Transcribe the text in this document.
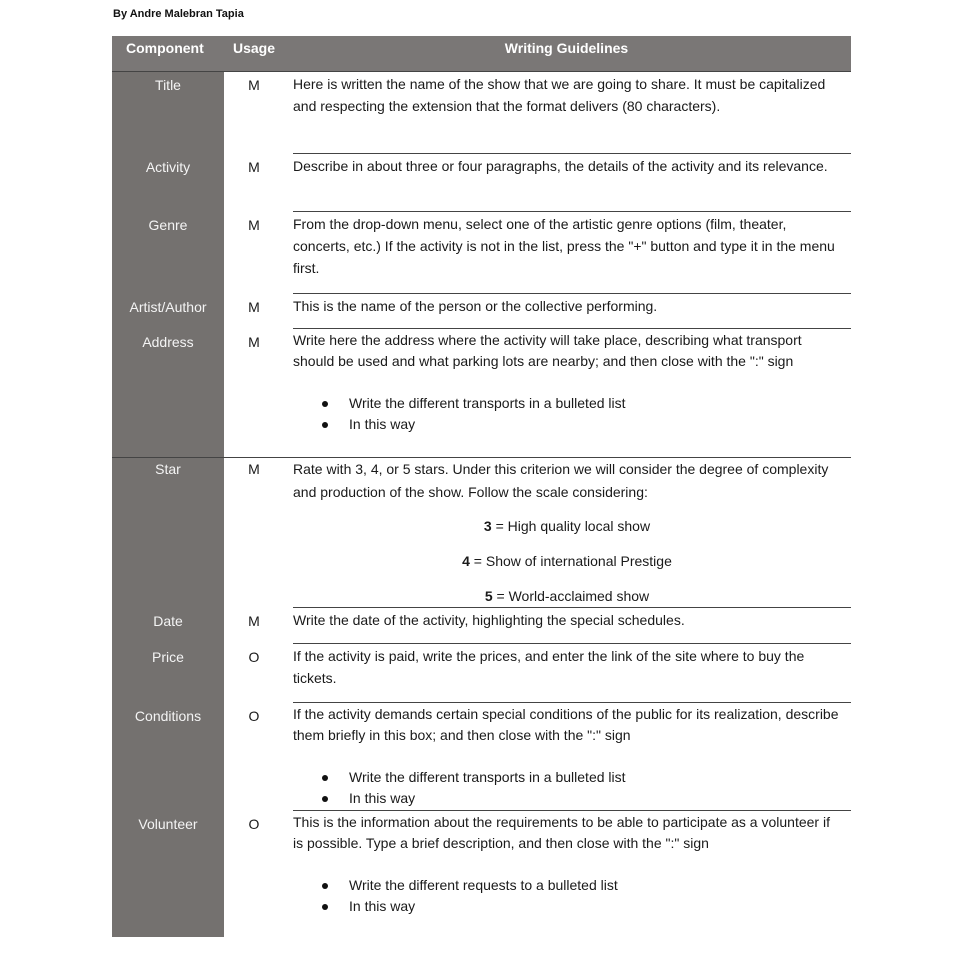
By Andre Malebran Tapia
Component Usage	Writing Guidelines
Title	M	Here is written the name of the show that we are going to share. It must be capitalized and respecting the extension that the format delivers (80 characters).

Activity	M	Describe in about three or four paragraphs, the details of the activity and its relevance.

Genre	M	From the drop-down menu, select one of the artistic genre options (film, theater, concerts, etc.) If the activity is not in the list, press the "+" button and type it in the menu first.

Artist/Author	M	This is the name of the person or the collective performing.

Address	M	Write here the address where the activity will take place, describing what transport should be used and what parking lots are nearby; and then close with the ":" sign

Write the different transports in a bulleted list
In this way
Star	M	Rate with 3, 4, or 5 stars. Under this criterion we will consider the degree of complexity and production of the show. Follow the scale considering:

3 = High quality local show

4 = Show of international Prestige

5 = World-acclaimed show

Date	M	Write the date of the activity, highlighting the special schedules.

Price	O	If the activity is paid, write the prices, and enter the link of the site where to buy the tickets.

Conditions	O	If the activity demands certain special conditions of the public for its realization, describe them briefly in this box; and then close with the ":" sign

Write the different transports in a bulleted list
In this way
Volunteer	O	This is the information about the requirements to be able to participate as a volunteer if is possible. Type a brief description, and then close with the ":" sign

Write the different requests to a bulleted list
In this way
